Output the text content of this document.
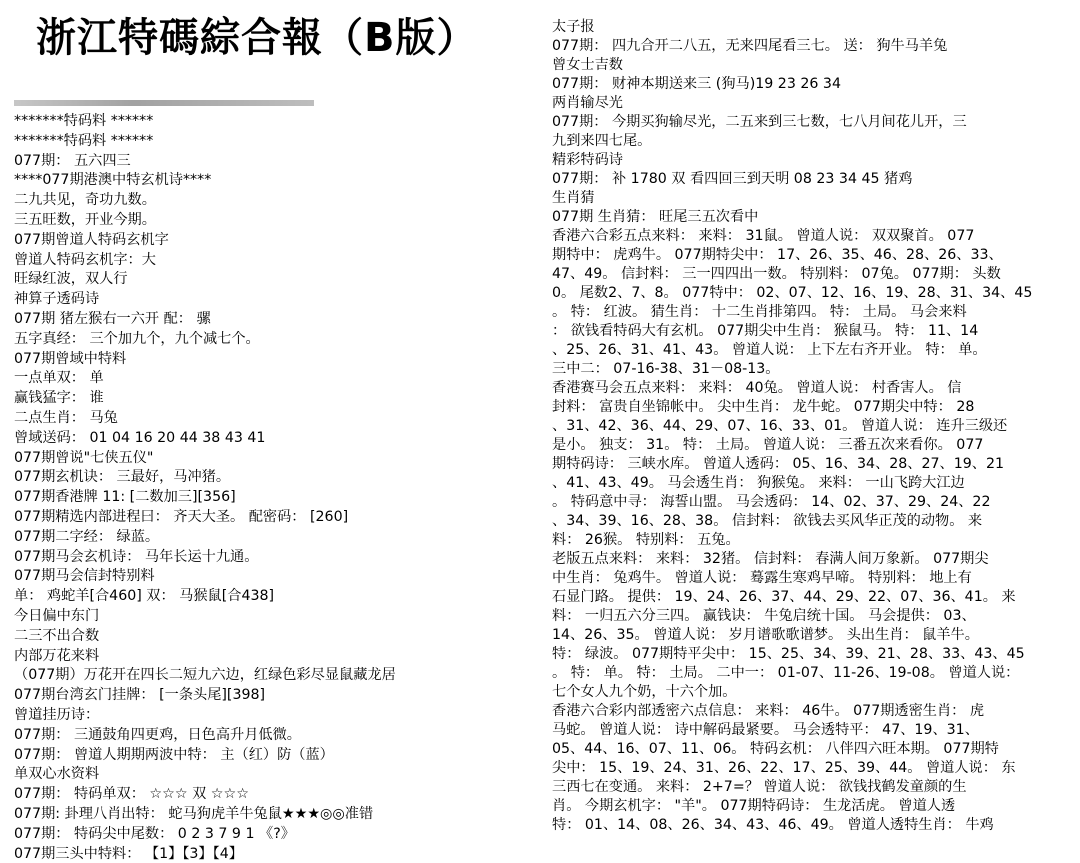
浙江特碼綜合報（B版）
*******特码料 ******
*******特码料 ******
077期： 五六四三
****077期港澳中特玄机诗****
二九共见，奇功九数。
三五旺数，开业今期。
077期曾道人特码玄机字
曾道人特码玄机字：大
旺绿红波，双人行
神算子透码诗
077期 猪左猴右一六开 配： 骡
五字真经： 三个加九个，九个减七个。
077期曾域中特料
一点单双： 单
赢钱猛字： 谁
二点生肖： 马兔
曾域送码： 01 04 16 20 44 38 43 41
077期曾说"七侠五仪"
077期玄机诀： 三最好，马冲猪。
077期香港牌 11: [二数加三][356]
077期精选内部进程曰： 齐天大圣。 配密码： [260]
077期二字经： 绿蓝。
077期马会玄机诗： 马年长运十九通。
077期马会信封特别料
单： 鸡蛇羊[合460] 双： 马猴鼠[合438]
今日偏中东门
二三不出合数
内部万花来料
（077期）万花开在四长二短九六边，红绿色彩尽显鼠藏龙居
077期台湾玄门挂牌： [一条头尾][398]
曾道挂历诗：
077期： 三通鼓角四更鸡，日色高升月低微。
077期： 曾道人期期两波中特： 主（红）防（蓝）
单双心水资料
077期： 特码单双： ☆☆☆ 双 ☆☆☆
077期: 卦理八肖出特： 蛇马狗虎羊牛兔鼠★★★◎◎准错
077期： 特码尖中尾数： 0 2 3 7 9 1 《?》
077期三头中特料： 【1】【3】【4】
太子报
077期： 四九合开二八五，无来四尾看三七。 送： 狗牛马羊兔
曾女士吉数
077期： 财神本期送来三 (狗马)19 23 26 34
两肖输尽光
077期： 今期买狗输尽光，二五来到三七数，七八月间花儿开，三
九到来四七尾。
精彩特码诗
077期： 补 1780 双 看四回三到天明 08 23 34 45 猪鸡
生肖猜
077期 生肖猜： 旺尾三五次看中
香港六合彩五点来料： 来料： 31鼠。 曾道人说： 双双聚首。 077
期特中： 虎鸡牛。 077期特尖中： 17、26、35、46、28、26、33、
47、49。 信封料： 三一四四出一数。 特别料： 07兔。 077期： 头数
0。 尾数2、7、8。 077特中： 02、07、12、16、19、28、31、34、45
。 特： 红波。 猜生肖： 十二生肖排第四。 特： 土局。 马会来料
： 欲钱看特码大有玄机。 077期尖中生肖： 猴鼠马。 特： 11、14
、25、26、31、41、43。 曾道人说： 上下左右齐开业。 特： 单。
三中二： 07-16-38、31－08-13。
香港赛马会五点来料： 来料： 40兔。 曾道人说： 村香害人。 信
封料： 富贵自坐锦帐中。 尖中生肖： 龙牛蛇。 077期尖中特： 28
、31、42、36、44、29、07、16、33、01。 曾道人说： 连升三级还
是小。 独支： 31。 特： 土局。 曾道人说： 三番五次来看你。 077
期特码诗： 三峡水库。 曾道人透码： 05、16、34、28、27、19、21
、41、43、49。 马会透生肖： 狗猴兔。 来料： 一山飞跨大江边
。 特码意中寻： 海誓山盟。 马会透码： 14、02、37、29、24、22
、34、39、16、28、38。 信封料： 欲钱去买风华正茂的动物。 来
料： 26猴。 特别料： 五兔。
老版五点来料： 来料： 32猪。 信封料： 春满人间万象新。 077期尖
中生肖： 兔鸡牛。 曾道人说： 蓦露生寒鸡早啼。 特别料： 地上有
石显门路。 提供： 19、24、26、37、44、29、22、07、36、41。 来
料： 一归五六分三四。 赢钱诀： 牛兔启统十国。 马会提供： 03、
14、26、35。 曾道人说： 岁月谱歌歌谱梦。 头出生肖： 鼠羊牛。
特： 绿波。 077期特平尖中： 15、25、34、39、21、28、33、43、45
。 特： 单。 特： 土局。 二中一： 01-07、11-26、19-08。 曾道人说：
七个女人九个奶，十六个加。
香港六合彩内部透密六点信息： 来料： 46牛。 077期透密生肖： 虎
马蛇。 曾道人说： 诗中解码最紧要。 马会透特平： 47、19、31、
05、44、16、07、11、06。 特码玄机： 八伴四六旺本期。 077期特
尖中： 15、19、24、31、26、22、17、25、39、44。 曾道人说： 东
三西七在变通。 来料： 2+7=？ 曾道人说： 欲钱找鹤发童颜的生
肖。 今期玄机字： "羊"。 077期特码诗： 生龙活虎。 曾道人透
特： 01、14、08、26、34、43、46、49。 曾道人透特生肖： 牛鸡
